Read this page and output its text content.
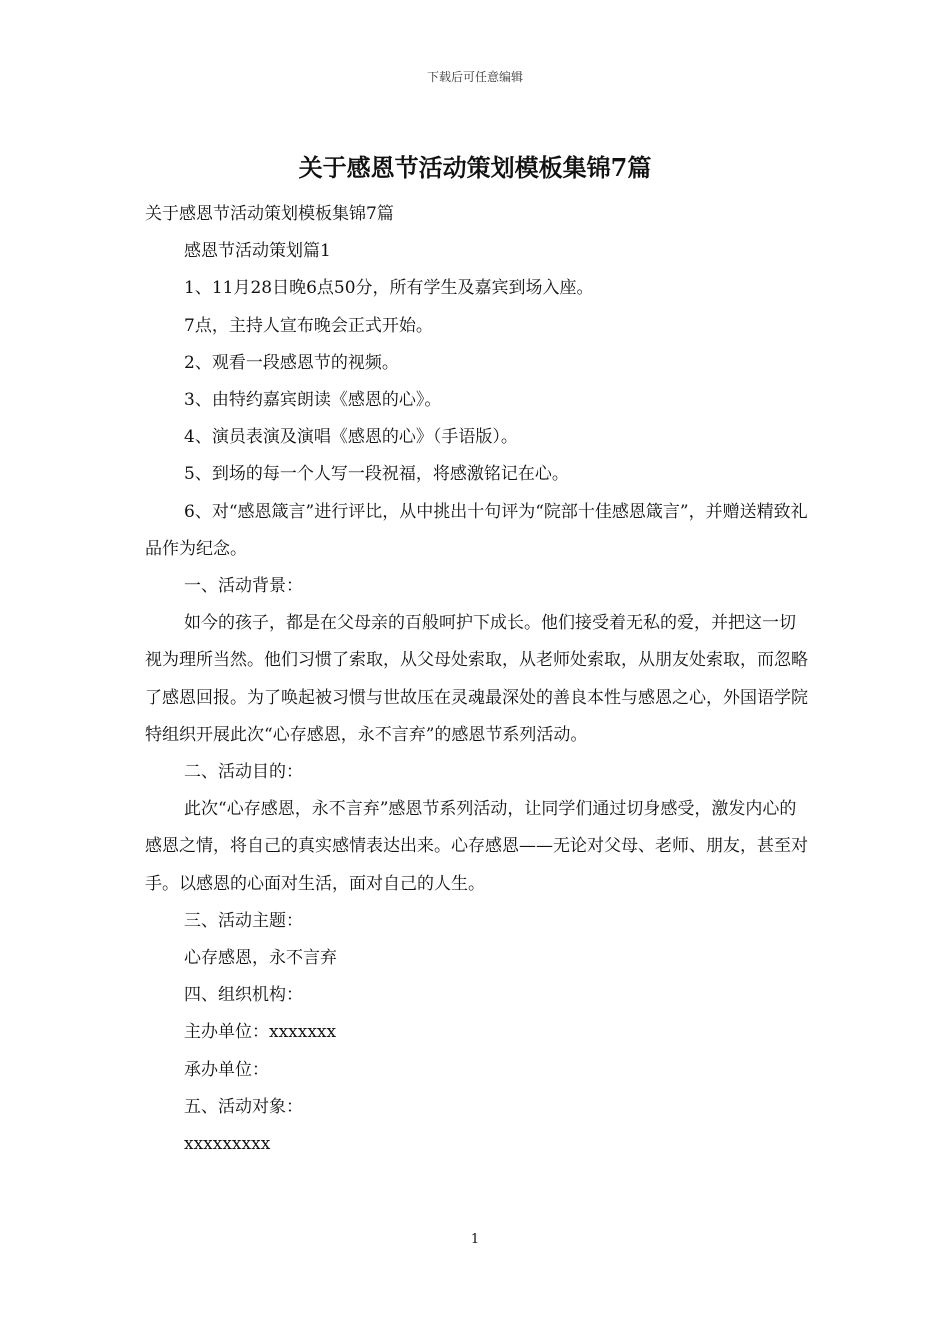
下载后可任意编辑
关于感恩节活动策划模板集锦7篇

关于感恩节活动策划模板集锦7篇

感恩节活动策划篇1

1、11月28日晚6点50分，所有学生及嘉宾到场入座。

7点，主持人宣布晚会正式开始。

2、观看一段感恩节的视频。

3、由特约嘉宾朗读《感恩的心》。

4、演员表演及演唱《感恩的心》（手语版）。

5、到场的每一个人写一段祝福，将感激铭记在心。

6、对“感恩箴言”进行评比，从中挑出十句评为“院部十佳感恩箴言”，并赠送精致礼品作为纪念。

一、活动背景：

如今的孩子，都是在父母亲的百般呵护下成长。他们接受着无私的爱，并把这一切视为理所当然。他们习惯了索取，从父母处索取，从老师处索取，从朋友处索取，而忽略了感恩回报。为了唤起被习惯与世故压在灵魂最深处的善良本性与感恩之心，外国语学院特组织开展此次“心存感恩，永不言弃”的感恩节系列活动。

二、活动目的：

此次“心存感恩，永不言弃”感恩节系列活动，让同学们通过切身感受，激发内心的感恩之情，将自己的真实感情表达出来。心存感恩——无论对父母、老师、朋友，甚至对手。以感恩的心面对生活，面对自己的人生。

三、活动主题：

心存感恩，永不言弃

四、组织机构：

主办单位：xxxxxxx

承办单位：

五、活动对象：

xxxxxxxxx

1
